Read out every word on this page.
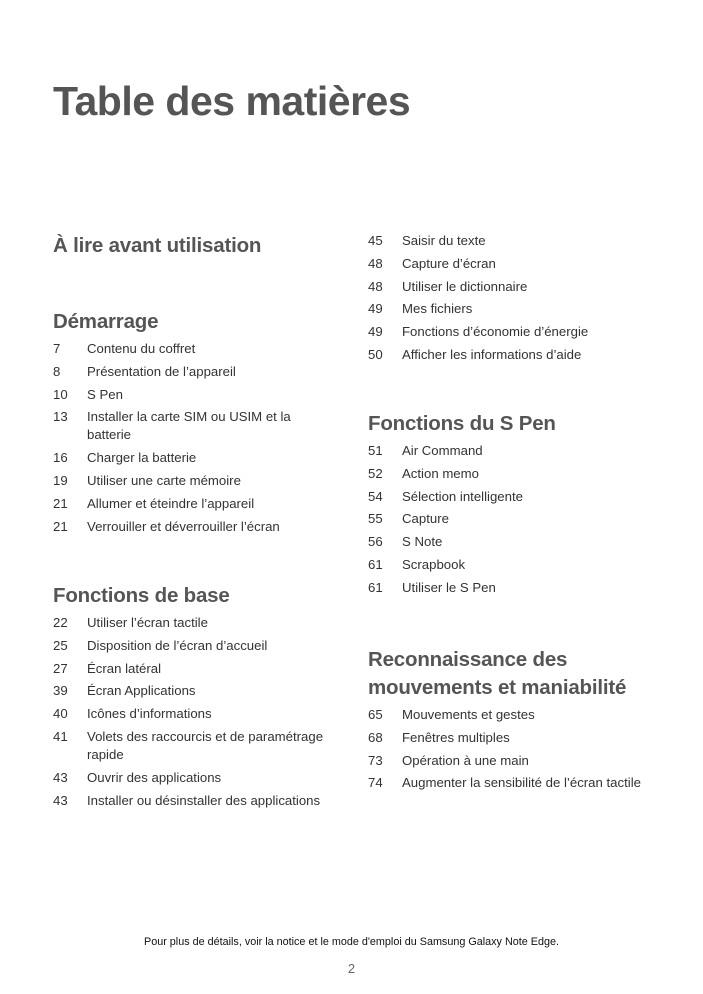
Table des matières
À lire avant utilisation
Démarrage
7	Contenu du coffret
8	Présentation de l’appareil
10	S Pen
13	Installer la carte SIM ou USIM et la batterie
16	Charger la batterie
19	Utiliser une carte mémoire
21	Allumer et éteindre l’appareil
21	Verrouiller et déverrouiller l’écran
Fonctions de base
22	Utiliser l’écran tactile
25	Disposition de l’écran d’accueil
27	Écran latéral
39	Écran Applications
40	Icônes d’informations
41	Volets des raccourcis et de paramétrage rapide
43	Ouvrir des applications
43	Installer ou désinstaller des applications
45	Saisir du texte
48	Capture d’écran
48	Utiliser le dictionnaire
49	Mes fichiers
49	Fonctions d’économie d’énergie
50	Afficher les informations d’aide
Fonctions du S Pen
51	Air Command
52	Action memo
54	Sélection intelligente
55	Capture
56	S Note
61	Scrapbook
61	Utiliser le S Pen
Reconnaissance des mouvements et maniabilité
65	Mouvements et gestes
68	Fenêtres multiples
73	Opération à une main
74	Augmenter la sensibilité de l’écran tactile
Pour plus de détails, voir la notice et le mode d'emploi du Samsung Galaxy Note Edge.
2
